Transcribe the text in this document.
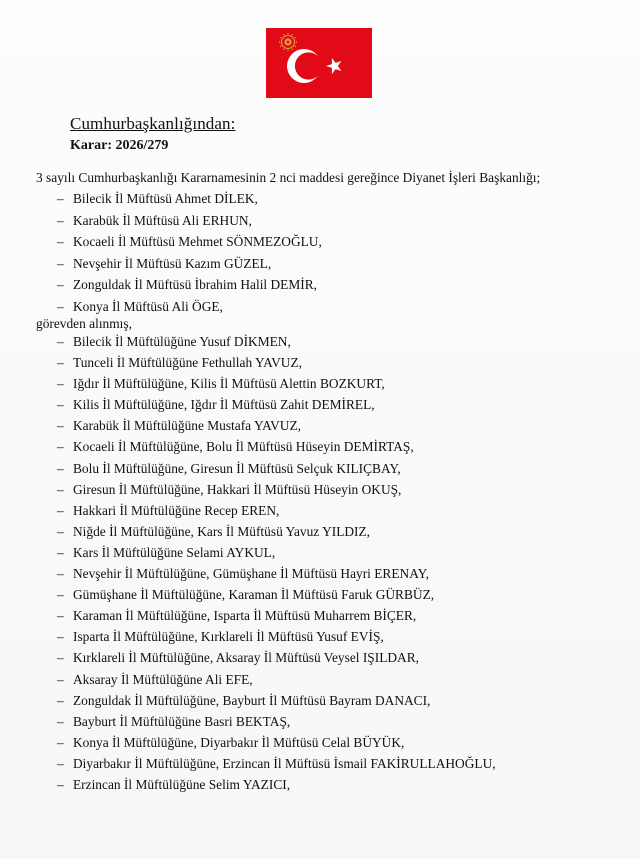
Cumhurbaşkanlığından:
Karar: 2026/279
3 sayılı Cumhurbaşkanlığı Kararnamesinin 2 nci maddesi gereğince Diyanet İşleri Başkanlığı;
– Bilecik İl Müftüsü Ahmet DİLEK,
– Karabük İl Müftüsü Ali ERHUN,
– Kocaeli İl Müftüsü Mehmet SÖNMEZOĞLU,
– Nevşehir İl Müftüsü Kazım GÜZEL,
– Zonguldak İl Müftüsü İbrahim Halil DEMİR,
– Konya İl Müftüsü Ali ÖGE,
görevden alınmış,
– Bilecik İl Müftülüğüne Yusuf DİKMEN,
– Tunceli İl Müftülüğüne Fethullah YAVUZ,
– Iğdır İl Müftülüğüne, Kilis İl Müftüsü Alettin BOZKURT,
– Kilis İl Müftülüğüne, Iğdır İl Müftüsü Zahit DEMİREL,
– Karabük İl Müftülüğüne Mustafa YAVUZ,
– Kocaeli İl Müftülüğüne, Bolu İl Müftüsü Hüseyin DEMİRTAŞ,
– Bolu İl Müftülüğüne, Giresun İl Müftüsü Selçuk KILIÇBAY,
– Giresun İl Müftülüğüne, Hakkari İl Müftüsü Hüseyin OKUŞ,
– Hakkari İl Müftülüğüne Recep EREN,
– Niğde İl Müftülüğüne, Kars İl Müftüsü Yavuz YILDIZ,
– Kars İl Müftülüğüne Selami AYKUL,
– Nevşehir İl Müftülüğüne, Gümüşhane İl Müftüsü Hayri ERENAY,
– Gümüşhane İl Müftülüğüne, Karaman İl Müftüsü Faruk GÜRBÜZ,
– Karaman İl Müftülüğüne, Isparta İl Müftüsü Muharrem BİÇER,
– Isparta İl Müftülüğüne, Kırklareli İl Müftüsü Yusuf EVİŞ,
– Kırklareli İl Müftülüğüne, Aksaray İl Müftüsü Veysel IŞILDAR,
– Aksaray İl Müftülüğüne Ali EFE,
– Zonguldak İl Müftülüğüne, Bayburt İl Müftüsü Bayram DANACI,
– Bayburt İl Müftülüğüne Basri BEKTAŞ,
– Konya İl Müftülüğüne, Diyarbakır İl Müftüsü Celal BÜYÜK,
– Diyarbakır İl Müftülüğüne, Erzincan İl Müftüsü İsmail FAKİRULLAHOĞLU,
– Erzincan İl Müftülüğüne Selim YAZICI,
